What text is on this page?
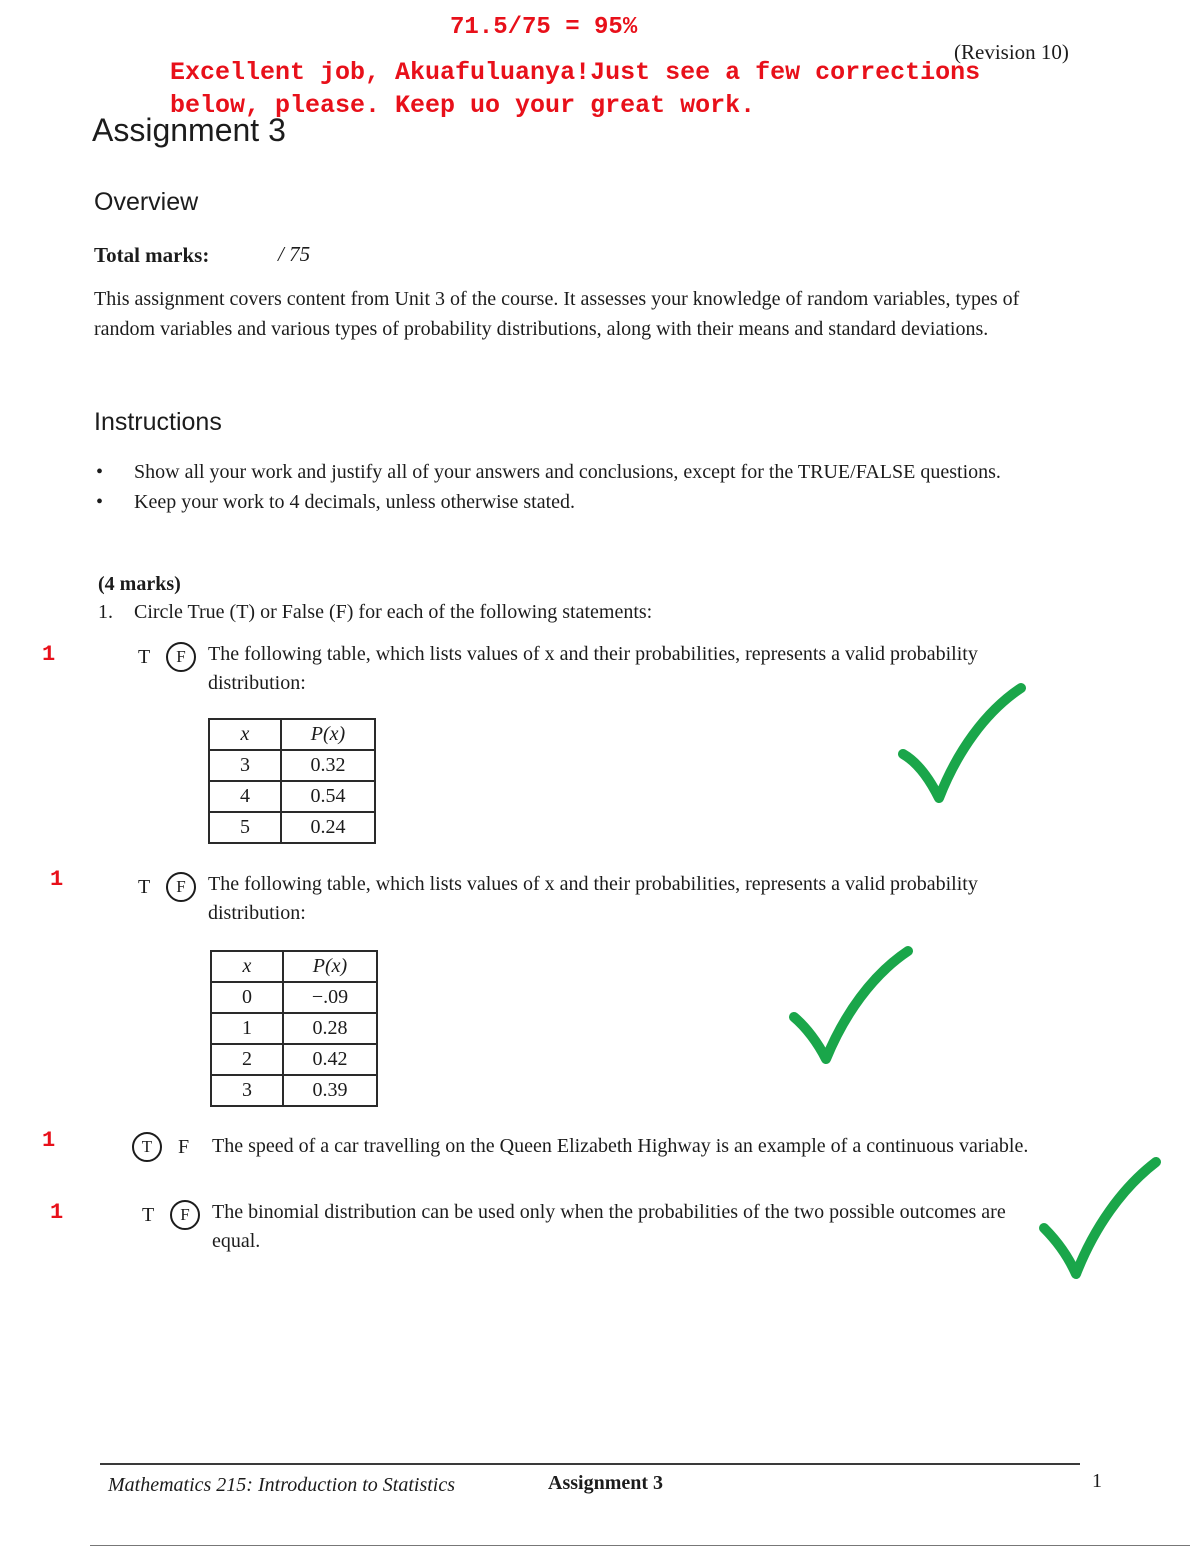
71.5/75 = 95%
(Revision 10)
Excellent job, Akuafuluanya!Just see a few corrections below, please. Keep uo your great work.
Assignment 3
Overview
Total marks:	/ 75
This assignment covers content from Unit 3 of the course. It assesses your knowledge of random variables, types of random variables and various types of probability distributions, along with their means and standard deviations.
Instructions
• Show all your work and justify all of your answers and conclusions, except for the TRUE/FALSE questions.
• Keep your work to 4 decimals, unless otherwise stated.
(4 marks)
1. Circle True (T) or False (F) for each of the following statements:
1	T	F	The following table, which lists values of x and their probabilities, represents a valid probability distribution:
x	P(x)
3	0.32
4	0.54
5	0.24
1	T	F	The following table, which lists values of x and their probabilities, represents a valid probability distribution:
x	P(x)
0	−.09
1	0.28
2	0.42
3	0.39
1	T	F The speed of a car travelling on the Queen Elizabeth Highway is an example of a continuous variable.
1	T	F	The binomial distribution can be used only when the probabilities of the two possible outcomes are equal.
Mathematics 215: Introduction to Statistics	Assignment 3	1
